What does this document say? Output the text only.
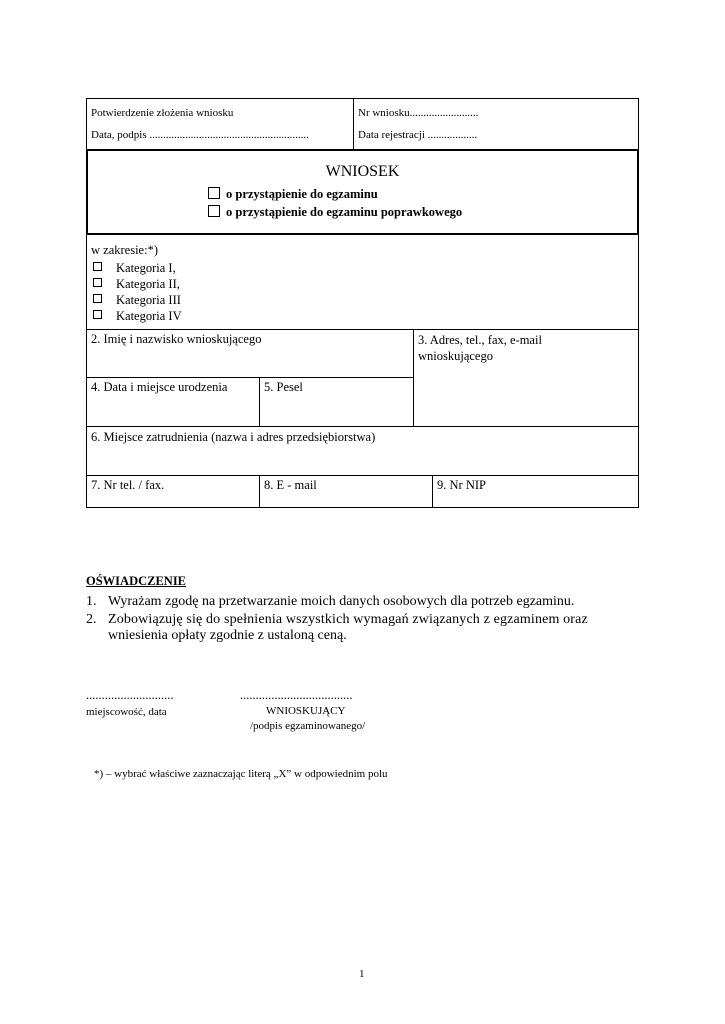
Potwierdzenie złożenia wniosku
Data, podpis ..........................................................
Nr wniosku.........................
Data rejestracji ..................
WNIOSEK
o przystąpienie do egzaminu
o przystąpienie do egzaminu poprawkowego
w zakresie:*)
Kategoria I,
Kategoria II,
Kategoria III
Kategoria IV
2. Imię i nazwisko wnioskującego	3. Adres, tel., fax, e-mail wnioskującego
4. Data i miejsce urodzenia	5. Pesel
6. Miejsce zatrudnienia (nazwa i adres przedsiębiorstwa)
7. Nr tel. / fax.	8. E - mail	9. Nr NIP
OŚWIADCZENIE
1. Wyrażam zgodę na przetwarzanie moich danych osobowych dla potrzeb egzaminu.
2. Zobowiązuję się do spełnienia wszystkich wymagań związanych z egzaminem oraz
wniesienia opłaty zgodnie z ustaloną ceną.
............................
miejscowość, data
....................................
WNIOSKUJĄCY
/podpis egzaminowanego/
*) – wybrać właściwe zaznaczając literą „X” w odpowiednim polu
1
